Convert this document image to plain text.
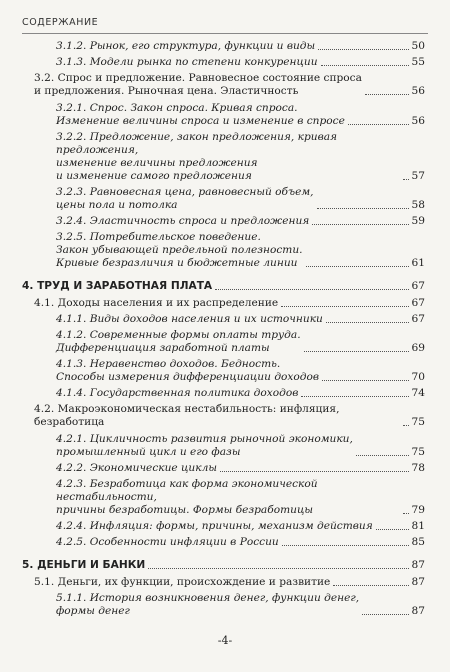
СОДЕРЖАНИЕ
3.1.2. Рынок, его структура, функции и виды	50
3.1.3. Модели рынка по степени конкуренции	55
3.2. Спрос и предложение. Равновесное состояние спроса
и предложения. Рыночная цена. Эластичность	56
3.2.1. Спрос. Закон спроса. Кривая спроса.
Изменение величины спроса и изменение в спросе	56
3.2.2. Предложение, закон предложения, кривая предложения,
изменение величины предложения
и изменение самого предложения	57
3.2.3. Равновесная цена, равновесный объем,
цены пола и потолка	58
3.2.4. Эластичность спроса и предложения	59
3.2.5. Потребительское поведение.
Закон убывающей предельной полезности.
Кривые безразличия и бюджетные линии	61
4. ТРУД И ЗАРАБОТНАЯ ПЛАТА	67
4.1. Доходы населения и их распределение	67
4.1.1. Виды доходов населения и их источники	67
4.1.2. Современные формы оплаты труда.
Дифференциация заработной платы	69
4.1.3. Неравенство доходов. Бедность.
Способы измерения дифференциации доходов	70
4.1.4. Государственная политика доходов	74
4.2. Макроэкономическая нестабильность: инфляция, безработица	75
4.2.1. Цикличность развития рыночной экономики,
промышленный цикл и его фазы	75
4.2.2. Экономические циклы	78
4.2.3. Безработица как форма экономической нестабильности,
причины безработицы. Формы безработицы	79
4.2.4. Инфляция: формы, причины, механизм действия	81
4.2.5. Особенности инфляции в России	85
5. ДЕНЬГИ И БАНКИ	87
5.1. Деньги, их функции, происхождение и развитие	87
5.1.1. История возникновения денег, функции денег,
формы денег	87
-4-
